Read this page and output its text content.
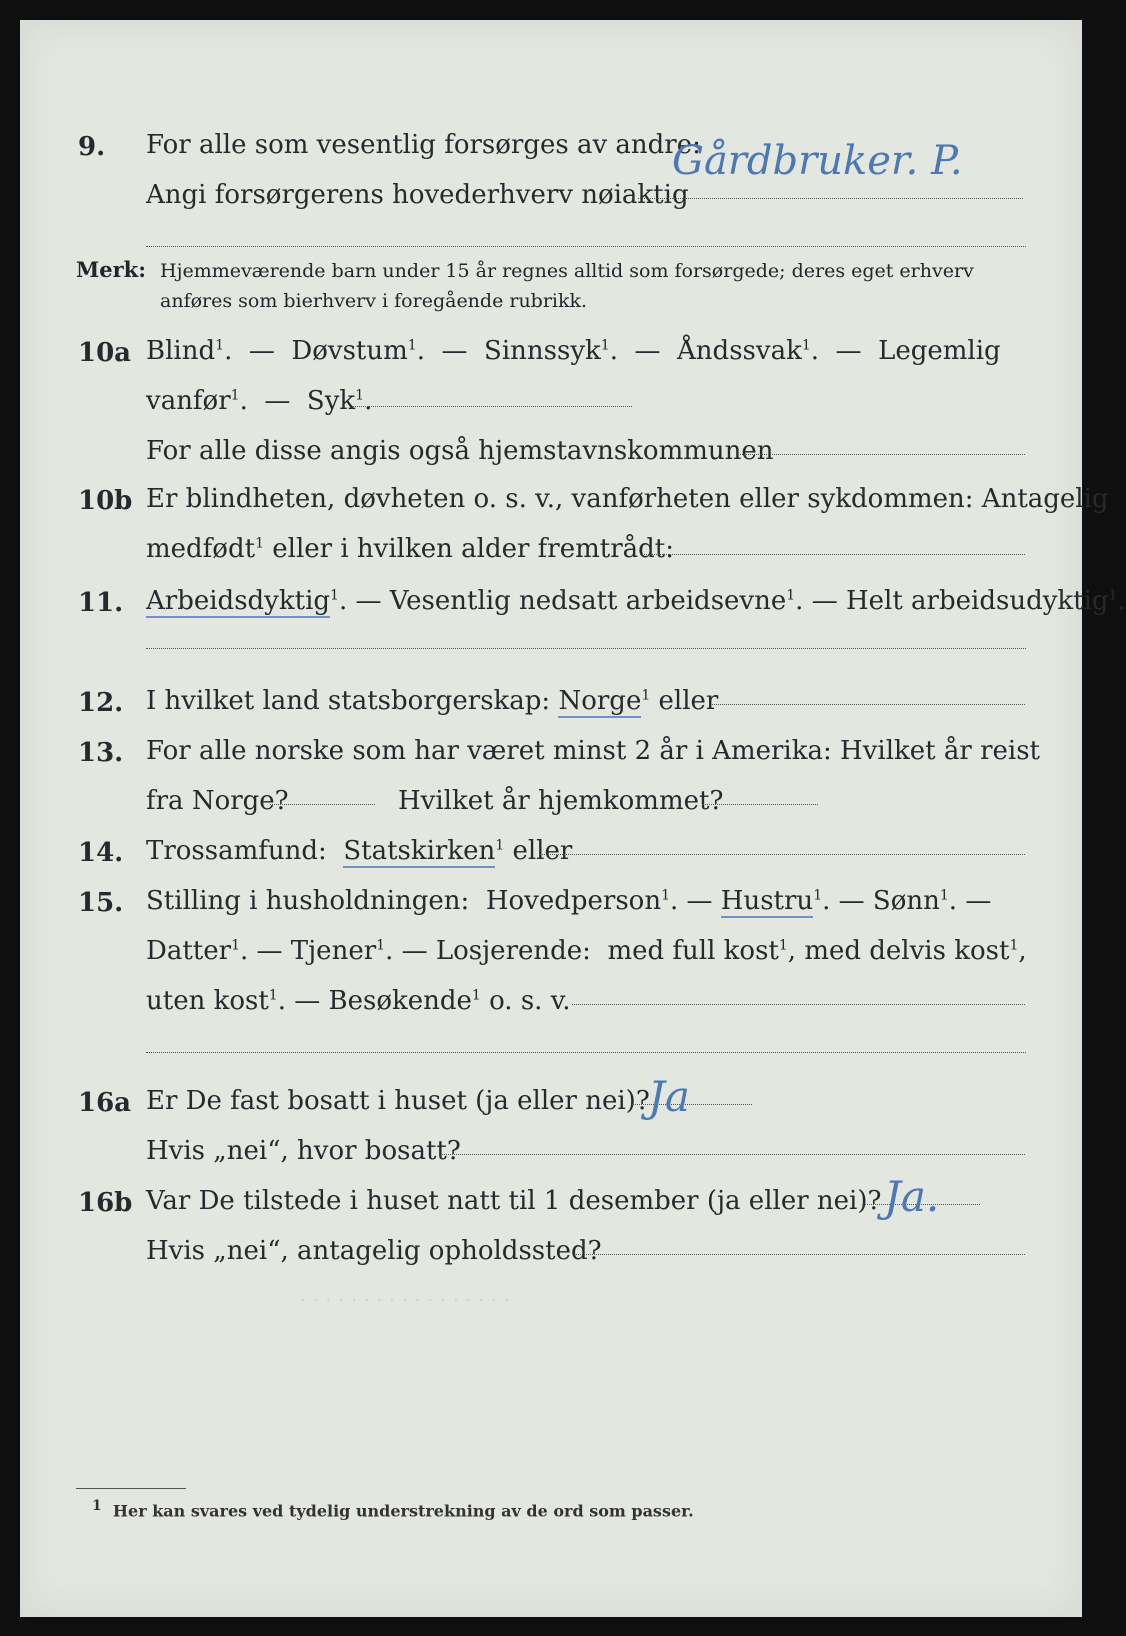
9.	For alle som vesentlig forsørges av andre:
Angi forsørgerens hovederhverv nøiaktig
Gårdbruker. P.
Merk: Hjemmeværende barn under 15 år regnes alltid som forsørgede; deres eget erhverv
anføres som bierhverv i foregående rubrikk.
10a Blind$^1$.  —  Døvstum$^1$.  —  Sinnssyk$^1$.  —  Åndssvak$^1$.  —  Legemlig
vanfør$^1$.  —  Syk$^1$.
For alle disse angis også hjemstavnskommunen
10b Er blindheten, døvheten o. s. v., vanførheten eller sykdommen: Antagelig
medfødt$^1$ eller i hvilken alder fremtrådt:
11. Arbeidsdyktig$^1$. — Vesentlig nedsatt arbeidsevne$^1$. — Helt arbeidsudyktig$^1$.
12. I hvilket land statsborgerskap: Norge$^1$ eller
13. For alle norske som har været minst 2 år i Amerika: Hvilket år reist
fra Norge?	Hvilket år hjemkommet?
14. Trossamfund: Statskirken$^1$ eller
15. Stilling i husholdningen: Hovedperson$^1$. — Hustru$^1$. — Sønn$^1$. —
Datter$^1$. — Tjener$^1$. — Losjerende: med full kost$^1$, med delvis kost$^1$,
uten kost$^1$. — Besøkende$^1$ o. s. v.
16a Er De fast bosatt i huset (ja eller nei)?
Ja
Hvis „nei“, hvor bosatt?
16b Var De tilstede i huset natt til 1 desember (ja eller nei)? Ja.
Hvis „nei“, antagelig opholdssted?
· · · · · · · · · · · · · · · · ·
1 Her kan svares ved tydelig understrekning av de ord som passer.
